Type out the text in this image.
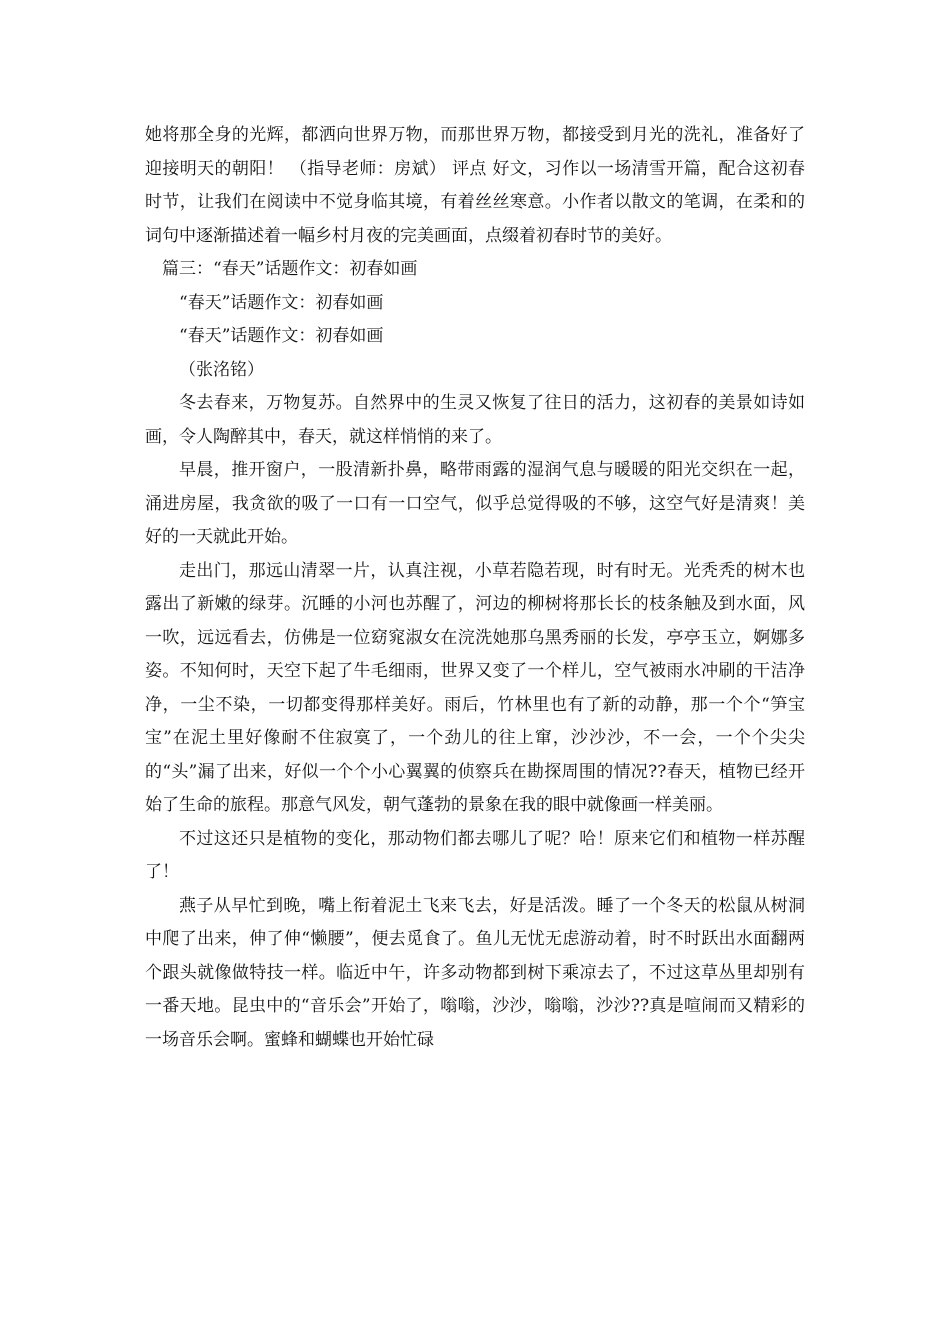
她将那全身的光辉，都洒向世界万物，而那世界万物，都接受到月光的洗礼，准备好了迎接明天的朝阳！ （指导老师：房斌） 评点 好文，习作以一场清雪开篇，配合这初春时节，让我们在阅读中不觉身临其境，有着丝丝寒意。小作者以散文的笔调，在柔和的词句中逐渐描述着一幅乡村月夜的完美画面，点缀着初春时节的美好。

篇三：“春天”话题作文：初春如画

“春天”话题作文：初春如画

“春天”话题作文：初春如画

（张洺铭）

冬去春来，万物复苏。自然界中的生灵又恢复了往日的活力，这初春的美景如诗如画，令人陶醉其中，春天，就这样悄悄的来了。

早晨，推开窗户，一股清新扑鼻，略带雨露的湿润气息与暖暖的阳光交织在一起，涌进房屋，我贪欲的吸了一口有一口空气，似乎总觉得吸的不够，这空气好是清爽！美好的一天就此开始。

走出门，那远山清翠一片，认真注视，小草若隐若现，时有时无。光秃秃的树木也露出了新嫩的绿芽。沉睡的小河也苏醒了，河边的柳树将那长长的枝条触及到水面，风一吹，远远看去，仿佛是一位窈窕淑女在浣洗她那乌黑秀丽的长发，亭亭玉立，婀娜多姿。不知何时，天空下起了牛毛细雨，世界又变了一个样儿，空气被雨水冲刷的干洁净净，一尘不染，一切都变得那样美好。雨后，竹林里也有了新的动静，那一个个“笋宝宝”在泥土里好像耐不住寂寞了，一个劲儿的往上窜，沙沙沙，不一会，一个个尖尖的“头”漏了出来，好似一个个小心翼翼的侦察兵在勘探周围的情况??春天，植物已经开始了生命的旅程。那意气风发，朝气蓬勃的景象在我的眼中就像画一样美丽。

不过这还只是植物的变化，那动物们都去哪儿了呢？哈！原来它们和植物一样苏醒了！

燕子从早忙到晚，嘴上衔着泥土飞来飞去，好是活泼。睡了一个冬天的松鼠从树洞中爬了出来，伸了伸“懒腰”，便去觅食了。鱼儿无忧无虑游动着，时不时跃出水面翻两个跟头就像做特技一样。临近中午，许多动物都到树下乘凉去了，不过这草丛里却别有一番天地。昆虫中的“音乐会”开始了，嗡嗡，沙沙，嗡嗡，沙沙??真是喧闹而又精彩的一场音乐会啊。蜜蜂和蝴蝶也开始忙碌
